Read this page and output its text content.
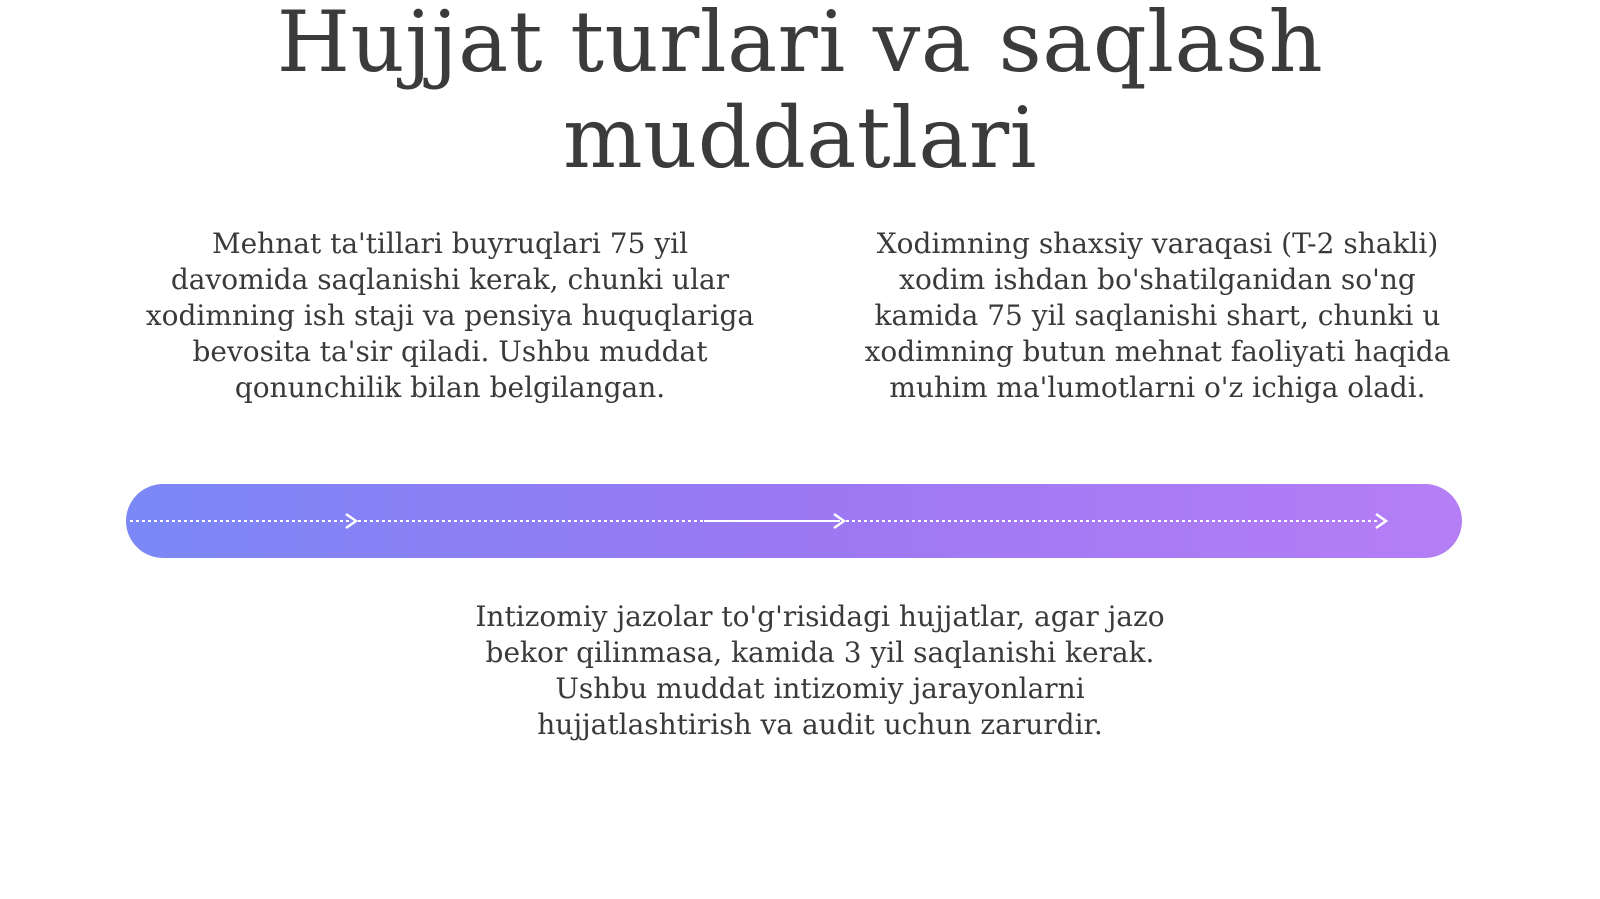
Hujjat turlari va saqlash muddatlari

Mehnat ta'tillari buyruqlari 75 yil davomida saqlanishi kerak, chunki ular xodimning ish staji va pensiya huquqlariga bevosita ta'sir qiladi. Ushbu muddat qonunchilik bilan belgilangan.

Xodimning shaxsiy varaqasi (T-2 shakli) xodim ishdan bo'shatilganidan so'ng kamida 75 yil saqlanishi shart, chunki u xodimning butun mehnat faoliyati haqida muhim ma'lumotlarni o'z ichiga oladi.

Intizomiy jazolar to'g'risidagi hujjatlar, agar jazo bekor qilinmasa, kamida 3 yil saqlanishi kerak. Ushbu muddat intizomiy jarayonlarni hujjatlashtirish va audit uchun zarurdir.
